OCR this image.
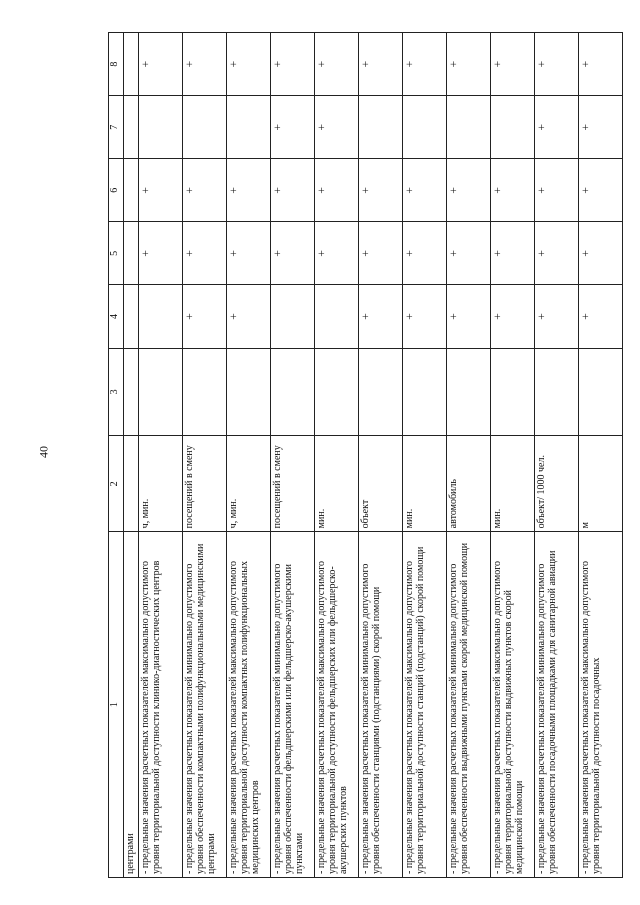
40
1	2	3	4	5	6	7	8
центрами							
- предельные значения расчетных показателей максимально допустимого уровня территориальной доступности клинико-диагностических центров	ч, мин.			+	+		+
- предельные значения расчетных показателей минимально допустимого уровня обеспеченности компактными полифункциональными медицинскими центрами	посещений в смену		+	+	+		+
- предельные значения расчетных показателей максимально допустимого уровня территориальной доступности компактных полифункциональных медицинских центров	ч, мин.		+	+	+		+
- предельные значения расчетных показателей минимально допустимого уровня обеспеченности фельдшерскими или фельдшерско-акушерскими пунктами	посещений в смену			+	+	+	+
- предельные значения расчетных показателей максимально допустимого уровня территориальной доступности фельдшерских или фельдшерско-акушерских пунктов	мин.			+	+	+	+
- предельные значения расчетных показателей минимально допустимого уровня обеспеченности станциями (подстанциями) скорой помощи	объект		+	+	+		+
- предельные значения расчетных показателей максимально допустимого уровня территориальной доступности станций (подстанций) скорой помощи	мин.		+	+	+		+
- предельные значения расчетных показателей минимально допустимого уровня обеспеченности выдвижными пунктами скорой медицинской помощи	автомобиль		+	+	+		+
- предельные значения расчетных показателей максимально допустимого уровня территориальной доступности выдвижных пунктов скорой медицинской помощи	мин.		+	+	+		+
- предельные значения расчетных показателей минимально допустимого уровня обеспеченности посадочными площадками для санитарной авиации	объект/ 1000 чел.		+	+	+	+	+
- предельные значения расчетных показателей максимально допустимого уровня территориальной доступности посадочных	м		+	+	+	+	+
